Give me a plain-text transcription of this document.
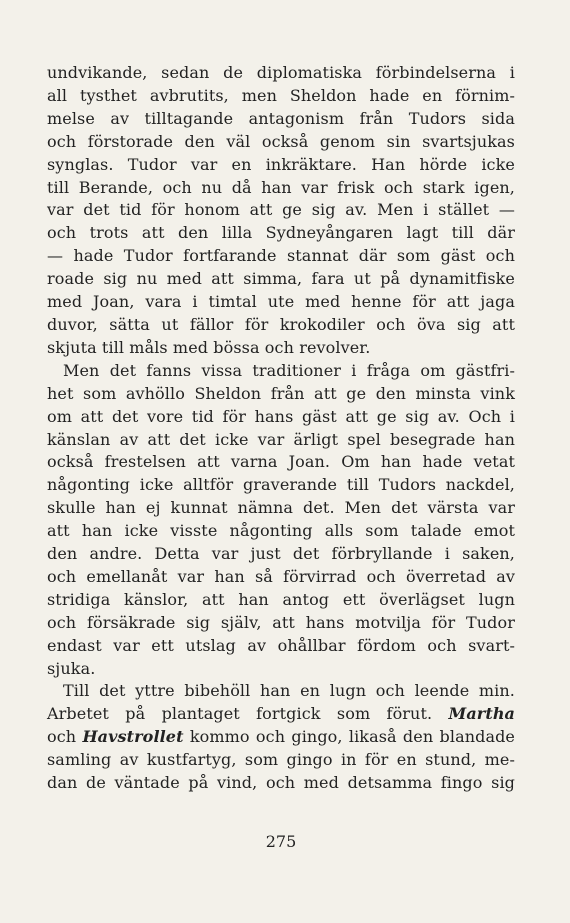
undvikande, sedan de diplomatiska förbindelserna i
all tysthet avbrutits, men Sheldon hade en förnim-
melse av tilltagande antagonism från Tudors sida
och förstorade den väl också genom sin svartsjukas
synglas. Tudor var en inkräktare. Han hörde icke
till Berande, och nu då han var frisk och stark igen,
var det tid för honom att ge sig av. Men i stället —
och trots att den lilla Sydneyångaren lagt till där
— hade Tudor fortfarande stannat där som gäst och
roade sig nu med att simma, fara ut på dynamitfiske
med Joan, vara i timtal ute med henne för att jaga
duvor, sätta ut fällor för krokodiler och öva sig att
skjuta till måls med bössa och revolver.
Men det fanns vissa traditioner i fråga om gästfri-
het som avhöllo Sheldon från att ge den minsta vink
om att det vore tid för hans gäst att ge sig av. Och i
känslan av att det icke var ärligt spel besegrade han
också frestelsen att varna Joan. Om han hade vetat
någonting icke alltför graverande till Tudors nackdel,
skulle han ej kunnat nämna det. Men det värsta var
att han icke visste någonting alls som talade emot
den andre. Detta var just det förbryllande i saken,
och emellanåt var han så förvirrad och överretad av
stridiga känslor, att han antog ett överlägset lugn
och försäkrade sig själv, att hans motvilja för Tudor
endast var ett utslag av ohållbar fördom och svart-
sjuka.
Till det yttre bibehöll han en lugn och leende min.
Arbetet på plantaget fortgick som förut. Martha
och Havstrollet kommo och gingo, likaså den blandade
samling av kustfartyg, som gingo in för en stund, me-
dan de väntade på vind, och med detsamma fingo sig
275
